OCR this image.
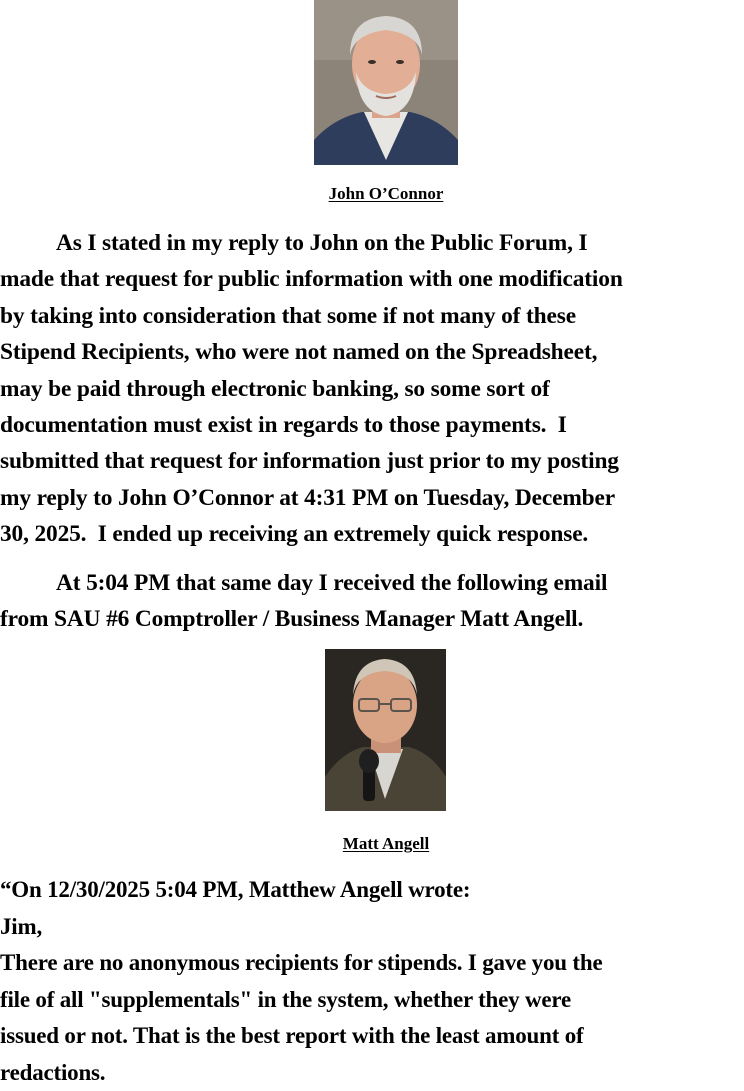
John O’Connor

As I stated in my reply to John on the Public Forum, I
made that request for public information with one modification
by taking into consideration that some if not many of these
Stipend Recipients, who were not named on the Spreadsheet,
may be paid through electronic banking, so some sort of
documentation must exist in regards to those payments.  I
submitted that request for information just prior to my posting
my reply to John O’Connor at 4:31 PM on Tuesday, December
30, 2025.  I ended up receiving an extremely quick response.

At 5:04 PM that same day I received the following email
from SAU #6 Comptroller / Business Manager Matt Angell.

Matt Angell

“On 12/30/2025 5:04 PM, Matthew Angell wrote:
Jim,
There are no anonymous recipients for stipends. I gave you the
file of all "supplementals" in the system, whether they were
issued or not. That is the best report with the least amount of
redactions.
